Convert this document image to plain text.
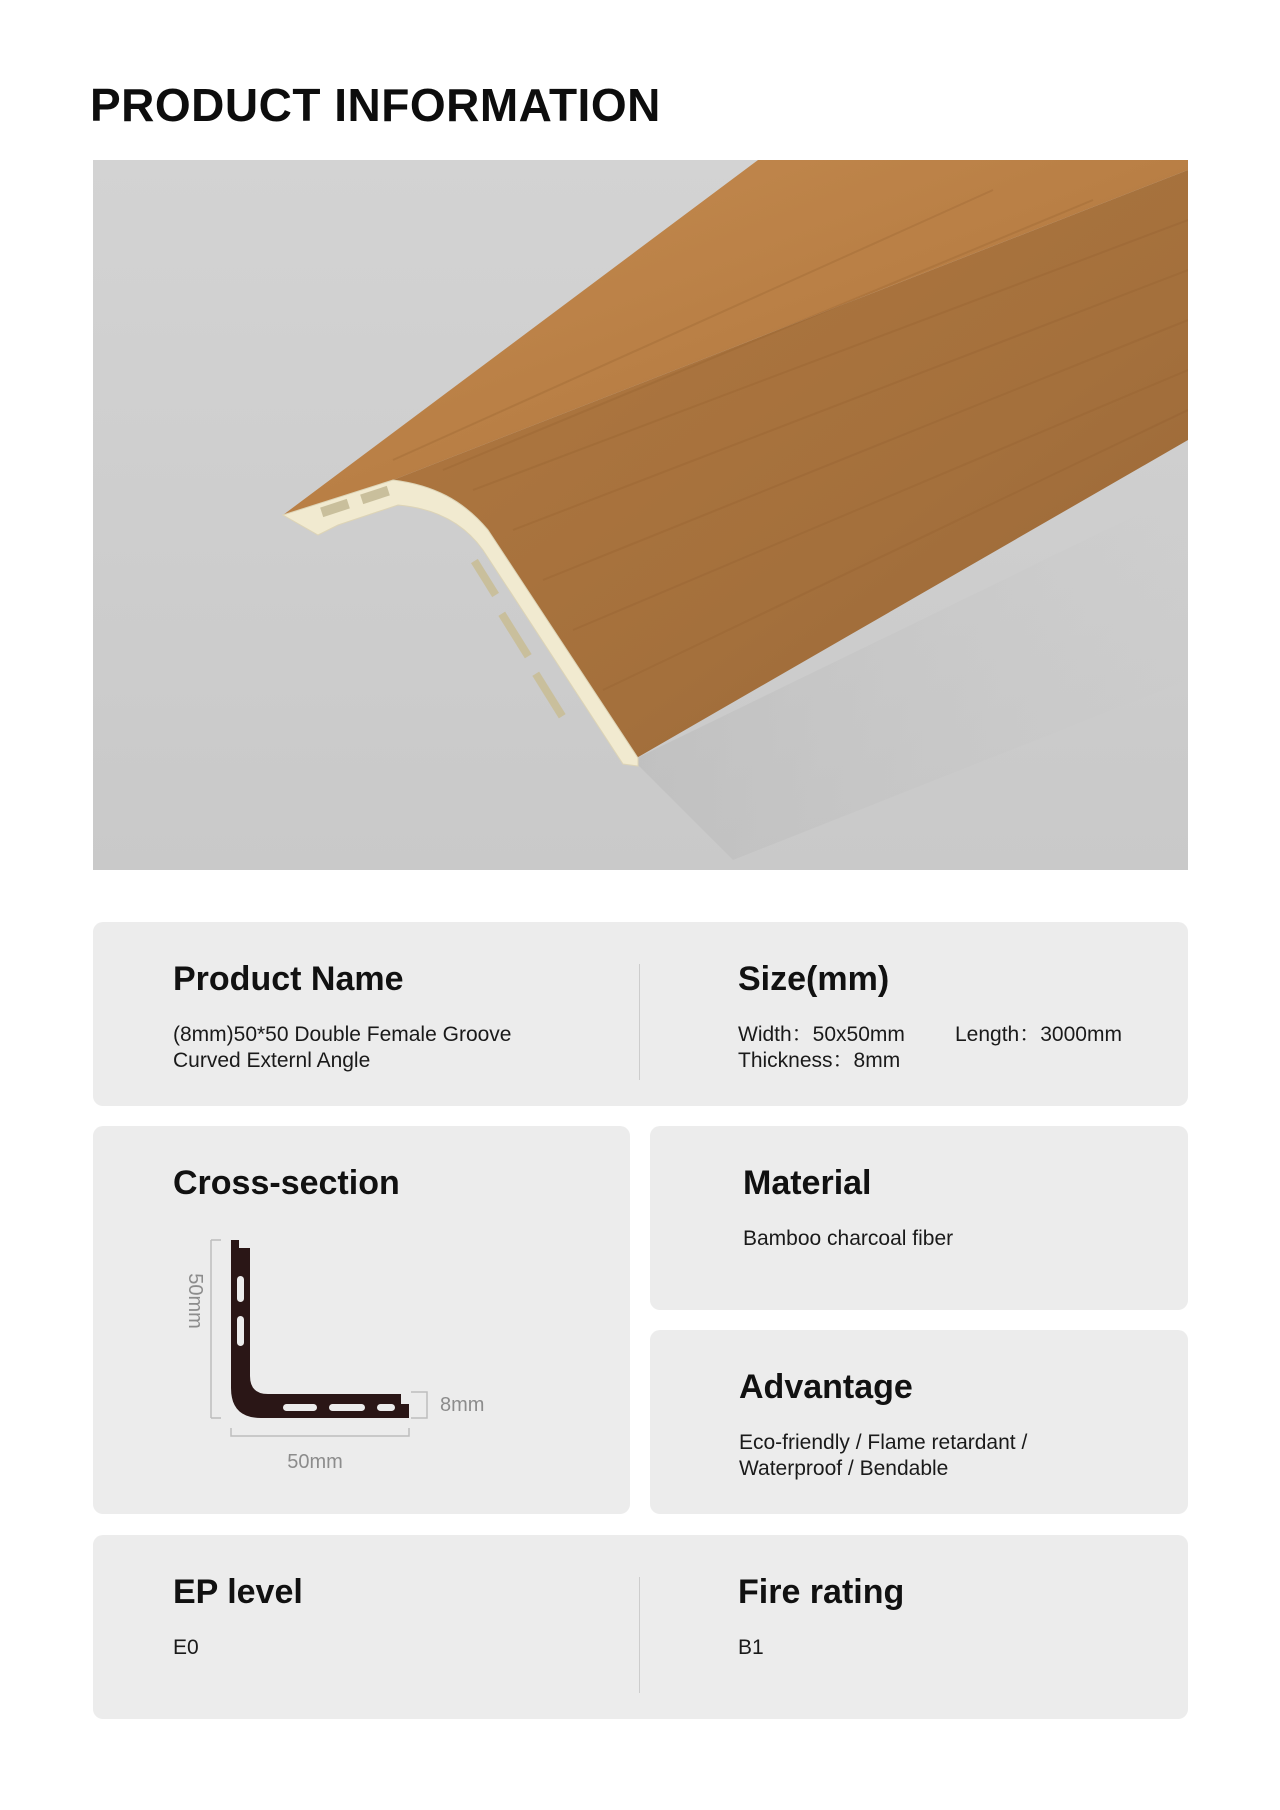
PRODUCT INFORMATION
Product Name

(8mm)50*50 Double Female Groove

Curved Externl Angle

Size(mm)

Width：50x50mm Length：3000mm

Thickness：8mm

Cross-section
50mm
50mm
8mm
Material

Bamboo charcoal fiber

Advantage

Eco-friendly / Flame retardant /

Waterproof / Bendable

EP level

E0

Fire rating

B1
